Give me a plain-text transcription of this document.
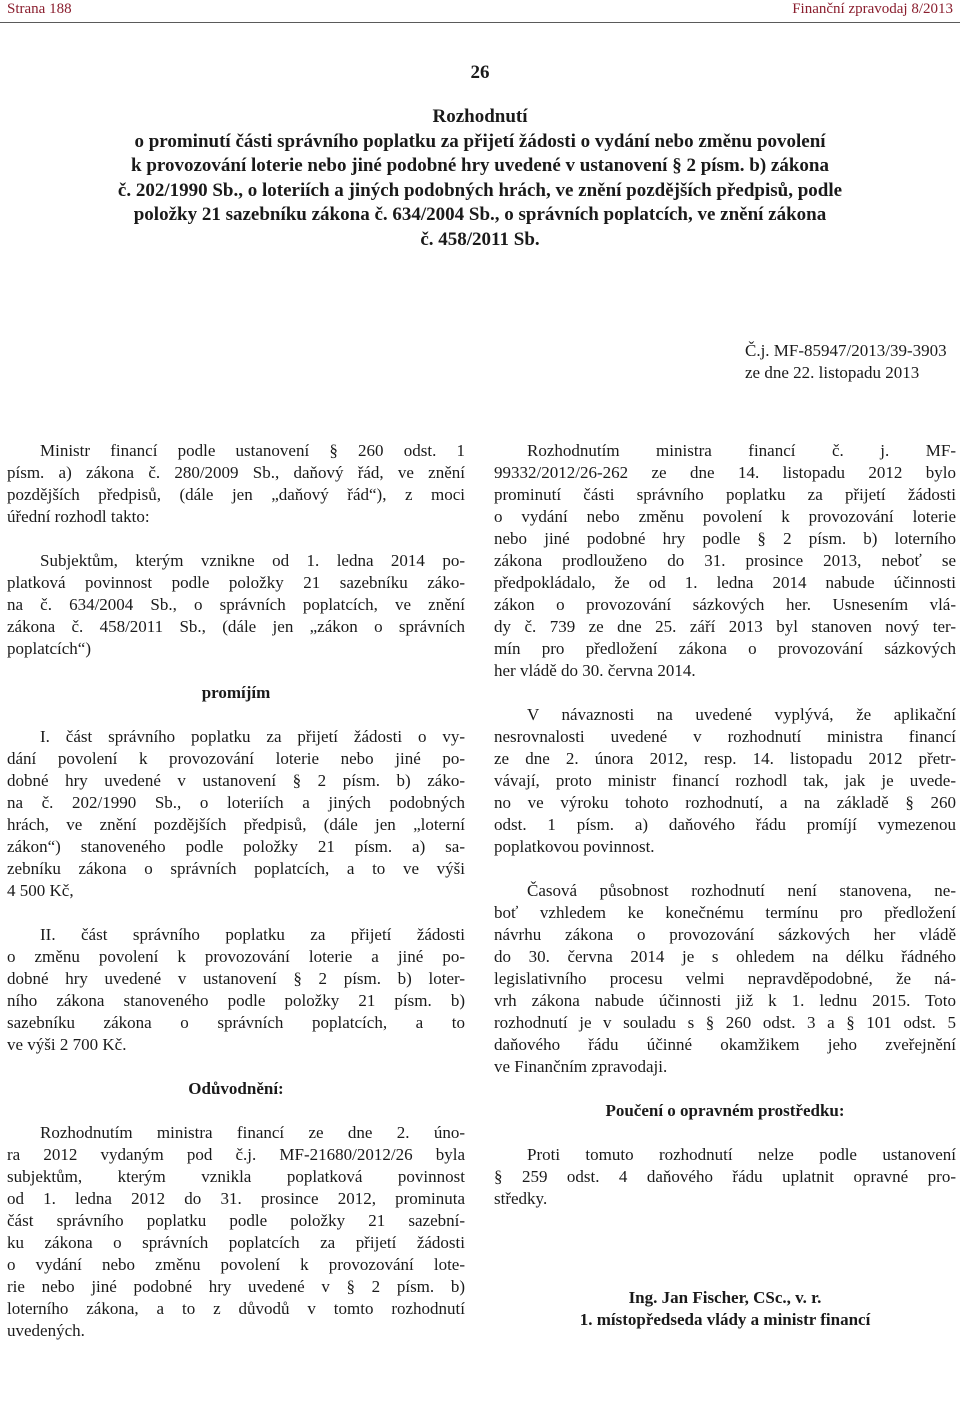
Strana 188	Finanční zpravodaj 8/2013
26
Rozhodnutí
o prominutí části správního poplatku za přijetí žádosti o vydání nebo změnu povolení
k provozování loterie nebo jiné podobné hry uvedené v ustanovení § 2 písm. b) zákona
č. 202/1990 Sb., o loteriích a jiných podobných hrách, ve znění pozdějších předpisů, podle
položky 21 sazebníku zákona č. 634/2004 Sb., o správních poplatcích, ve znění zákona
č. 458/2011 Sb.
Č.j. MF-85947/2013/39-3903
ze dne 22. listopadu 2013
Ministr financí podle ustanovení § 260 odst. 1
písm. a) zákona č. 280/2009 Sb., daňový řád, ve znění
pozdějších předpisů, (dále jen „daňový řád“), z moci
úřední rozhodl takto:
Subjektům, kterým vznikne od 1. ledna 2014 po-
platková povinnost podle položky 21 sazebníku záko-
na č. 634/2004 Sb., o správních poplatcích, ve znění
zákona č. 458/2011 Sb., (dále jen „zákon o správních
poplatcích“)
promíjím
I. část správního poplatku za přijetí žádosti o vy-
dání povolení k provozování loterie nebo jiné po-
dobné hry uvedené v ustanovení § 2 písm. b) záko-
na č. 202/1990 Sb., o loteriích a jiných podobných
hrách, ve znění pozdějších předpisů, (dále jen „loterní
zákon“) stanoveného podle položky 21 písm. a) sa-
zebníku zákona o správních poplatcích, a to ve výši
4 500 Kč,
II. část správního poplatku za přijetí žádosti
o změnu povolení k provozování loterie a jiné po-
dobné hry uvedené v ustanovení § 2 písm. b) loter-
ního zákona stanoveného podle položky 21 písm. b)
sazebníku zákona o správních poplatcích, a to
ve výši 2 700 Kč.
Odůvodnění:
Rozhodnutím ministra financí ze dne 2. úno-
ra 2012 vydaným pod č.j. MF-21680/2012/26 byla
subjektům, kterým vznikla poplatková povinnost
od 1. ledna 2012 do 31. prosince 2012, prominuta
část správního poplatku podle položky 21 sazební-
ku zákona o správních poplatcích za přijetí žádosti
o vydání nebo změnu povolení k provozování lote-
rie nebo jiné podobné hry uvedené v § 2 písm. b)
loterního zákona, a to z důvodů v tomto rozhodnutí
uvedených.
Rozhodnutím ministra financí č. j. MF-
99332/2012/26-262 ze dne 14. listopadu 2012 bylo
prominutí části správního poplatku za přijetí žádosti
o vydání nebo změnu povolení k provozování loterie
nebo jiné podobné hry podle § 2 písm. b) loterního
zákona prodlouženo do 31. prosince 2013, neboť se
předpokládalo, že od 1. ledna 2014 nabude účinnosti
zákon o provozování sázkových her. Usnesením vlá-
dy č. 739 ze dne 25. září 2013 byl stanoven nový ter-
mín pro předložení zákona o provozování sázkových
her vládě do 30. června 2014.
V návaznosti na uvedené vyplývá, že aplikační
nesrovnalosti uvedené v rozhodnutí ministra financí
ze dne 2. února 2012, resp. 14. listopadu 2012 přetr-
vávají, proto ministr financí rozhodl tak, jak je uvede-
no ve výroku tohoto rozhodnutí, a na základě § 260
odst. 1 písm. a) daňového řádu promíjí vymezenou
poplatkovou povinnost.
Časová působnost rozhodnutí není stanovena, ne-
boť vzhledem ke konečnému termínu pro předložení
návrhu zákona o provozování sázkových her vládě
do 30. června 2014 je s ohledem na délku řádného
legislativního procesu velmi nepravděpodobné, že ná-
vrh zákona nabude účinnosti již k 1. lednu 2015. Toto
rozhodnutí je v souladu s § 260 odst. 3 a § 101 odst. 5
daňového řádu účinné okamžikem jeho zveřejnění
ve Finančním zpravodaji.
Poučení o opravném prostředku:
Proti tomuto rozhodnutí nelze podle ustanovení
§ 259 odst. 4 daňového řádu uplatnit opravné pro-
středky.
Ing. Jan Fischer, CSc., v. r.
1. místopředseda vlády a ministr financí
